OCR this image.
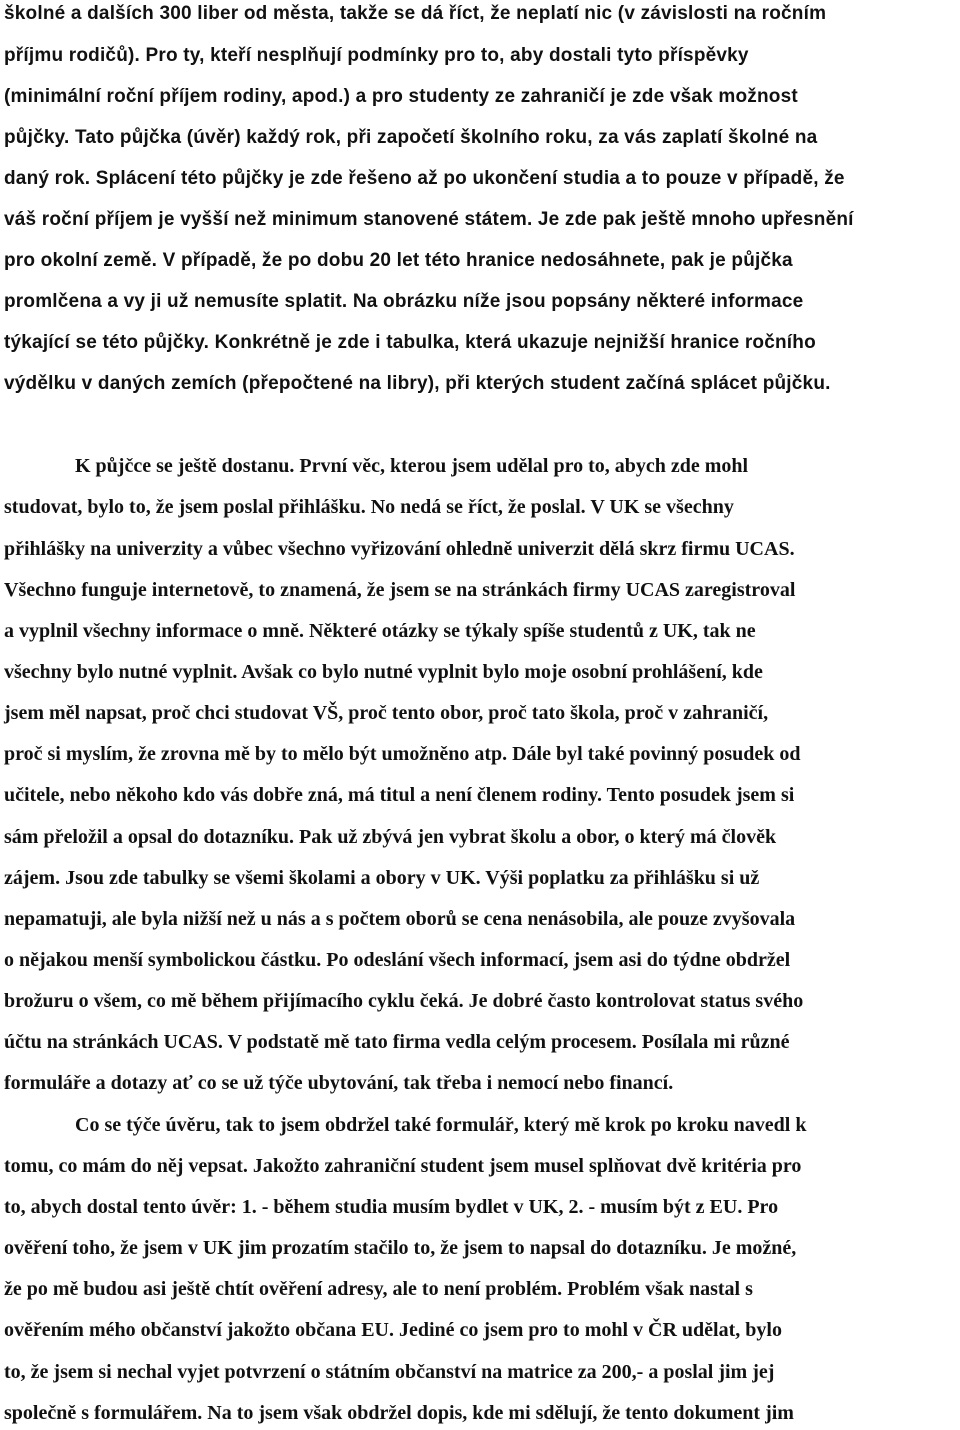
školné a dalších 300 liber od města, takže se dá říct, že neplatí nic (v závislosti na ročním
příjmu rodičů). Pro ty, kteří nesplňují podmínky pro to, aby dostali tyto příspěvky
(minimální roční příjem rodiny, apod.) a pro studenty ze zahraničí je zde však možnost
půjčky. Tato půjčka (úvěr) každý rok, při započetí školního roku, za vás zaplatí školné na
daný rok. Splácení této půjčky je zde řešeno až po ukončení studia a to pouze v případě, že
váš roční příjem je vyšší než minimum stanovené státem. Je zde pak ještě mnoho upřesnění
pro okolní země. V případě, že po dobu 20 let této hranice nedosáhnete, pak je půjčka
promlčena a vy ji už nemusíte splatit. Na obrázku níže jsou popsány některé informace
týkající se této půjčky. Konkrétně je zde i tabulka, která ukazuje nejnižší hranice ročního
výdělku v daných zemích (přepočtené na libry), při kterých student začíná splácet půjčku.
K půjčce se ještě dostanu. První věc, kterou jsem udělal pro to, abych zde mohl
studovat, bylo to, že jsem poslal přihlášku. No nedá se říct, že poslal. V UK se všechny
přihlášky na univerzity a vůbec všechno vyřizování ohledně univerzit dělá skrz firmu UCAS.
Všechno funguje internetově, to znamená, že jsem se na stránkách firmy UCAS zaregistroval
a vyplnil všechny informace o mně. Některé otázky se týkaly spíše studentů z UK, tak ne
všechny bylo nutné vyplnit. Avšak co bylo nutné vyplnit bylo moje osobní prohlášení, kde
jsem měl napsat, proč chci studovat VŠ, proč tento obor, proč tato škola, proč v zahraničí,
proč si myslím, že zrovna mě by to mělo být umožněno atp. Dále byl také povinný posudek od
učitele, nebo někoho kdo vás dobře zná, má titul a není členem rodiny. Tento posudek jsem si
sám přeložil a opsal do dotazníku. Pak už zbývá jen vybrat školu a obor, o který má člověk
zájem. Jsou zde tabulky se všemi školami a obory v UK. Výši poplatku za přihlášku si už
nepamatuji, ale byla nižší než u nás a s počtem oborů se cena nenásobila, ale pouze zvyšovala
o nějakou menší symbolickou částku. Po odeslání všech informací, jsem asi do týdne obdržel
brožuru o všem, co mě během přijímacího cyklu čeká. Je dobré často kontrolovat status svého
účtu na stránkách UCAS. V podstatě mě tato firma vedla celým procesem. Posílala mi různé
formuláře a dotazy ať co se už týče ubytování, tak třeba i nemocí nebo financí.
Co se týče úvěru, tak to jsem obdržel také formulář, který mě krok po kroku navedl k
tomu, co mám do něj vepsat. Jakožto zahraniční student jsem musel splňovat dvě kritéria pro
to, abych dostal tento úvěr: 1. - během studia musím bydlet v UK, 2. - musím být z EU. Pro
ověření toho, že jsem v UK jim prozatím stačilo to, že jsem to napsal do dotazníku. Je možné,
že po mě budou asi ještě chtít ověření adresy, ale to není problém. Problém však nastal s
ověřením mého občanství jakožto občana EU. Jediné co jsem pro to mohl v ČR udělat, bylo
to, že jsem si nechal vyjet potvrzení o státním občanství na matrice za 200,- a poslal jim jej
společně s formulářem. Na to jsem však obdržel dopis, kde mi sdělují, že tento dokument jim
